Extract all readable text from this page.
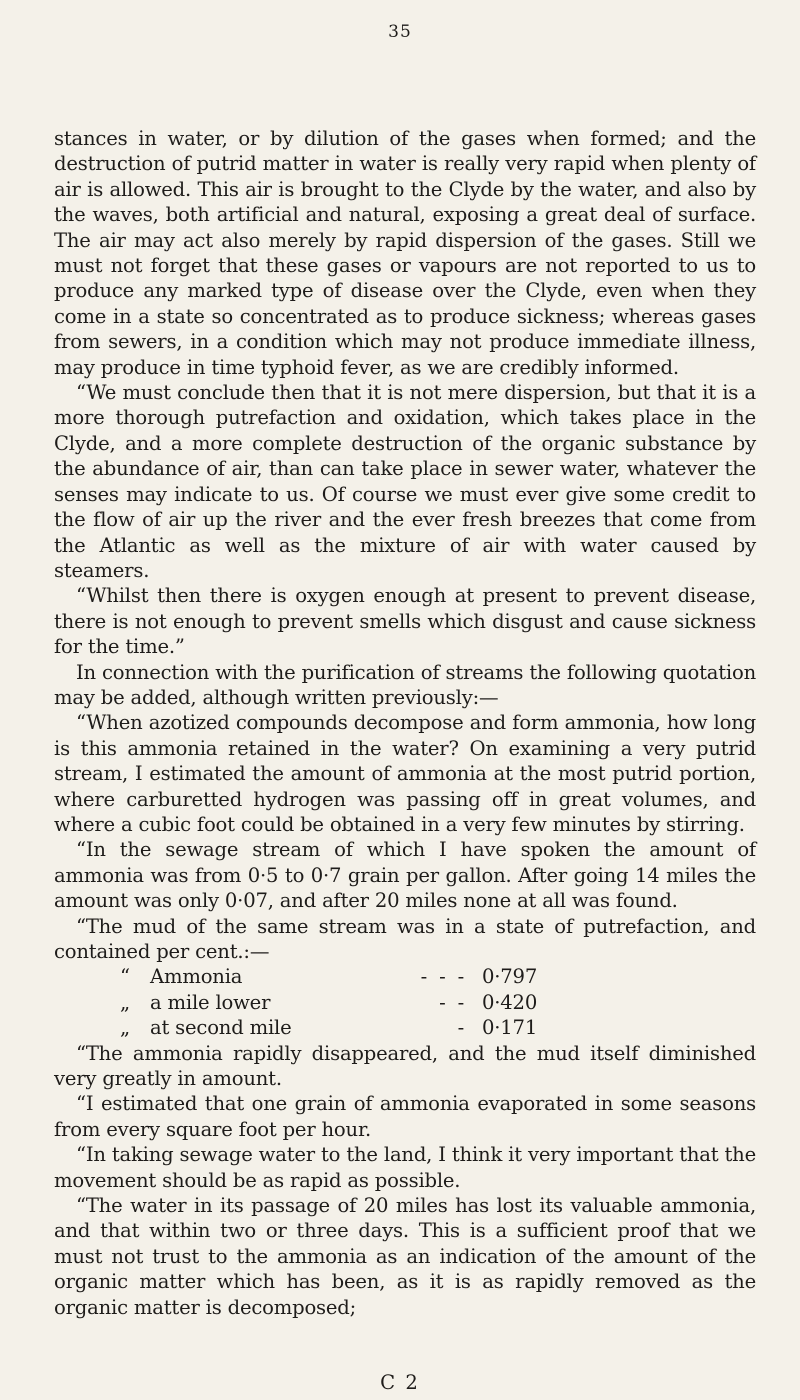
35

stances in water, or by dilution of the gases when formed; and the destruction of putrid matter in water is really very rapid when plenty of air is allowed. This air is brought to the Clyde by the water, and also by the waves, both artificial and natural, exposing a great deal of surface. The air may act also merely by rapid dispersion of the gases. Still we must not forget that these gases or vapours are not reported to us to produce any marked type of disease over the Clyde, even when they come in a state so concentrated as to produce sickness; whereas gases from sewers, in a condition which may not produce immediate illness, may produce in time typhoid fever, as we are credibly informed.

“We must conclude then that it is not mere dispersion, but that it is a more thorough putrefaction and oxidation, which takes place in the Clyde, and a more complete destruction of the organic substance by the abundance of air, than can take place in sewer water, whatever the senses may indicate to us. Of course we must ever give some credit to the flow of air up the river and the ever fresh breezes that come from the Atlantic as well as the mixture of air with water caused by steamers.

“Whilst then there is oxygen enough at present to prevent disease, there is not enough to prevent smells which disgust and cause sickness for the time.”

In connection with the purification of streams the following quotation may be added, although written previously:—

“When azotized compounds decompose and form ammonia, how long is this ammonia retained in the water? On examining a very putrid stream, I estimated the amount of ammonia at the most putrid portion, where carburetted hydrogen was passing off in great volumes, and where a cubic foot could be obtained in a very few minutes by stirring.

“In the sewage stream of which I have spoken the amount of ammonia was from 0·5 to 0·7 grain per gallon. After going 14 miles the amount was only 0·07, and after 20 miles none at all was found.

“The mud of the same stream was in a state of putrefaction, and contained per cent.:—

“	Ammonia	-  -  - 0·797
„	a mile lower	-  - 0·420
„	at second mile	- 0·171

“The ammonia rapidly disappeared, and the mud itself diminished very greatly in amount.

“I estimated that one grain of ammonia evaporated in some seasons from every square foot per hour.

“In taking sewage water to the land, I think it very important that the movement should be as rapid as possible.

“The water in its passage of 20 miles has lost its valuable ammonia, and that within two or three days. This is a sufficient proof that we must not trust to the ammonia as an indication of the amount of the organic matter which has been, as it is as rapidly removed as the organic matter is decomposed;

C 2
